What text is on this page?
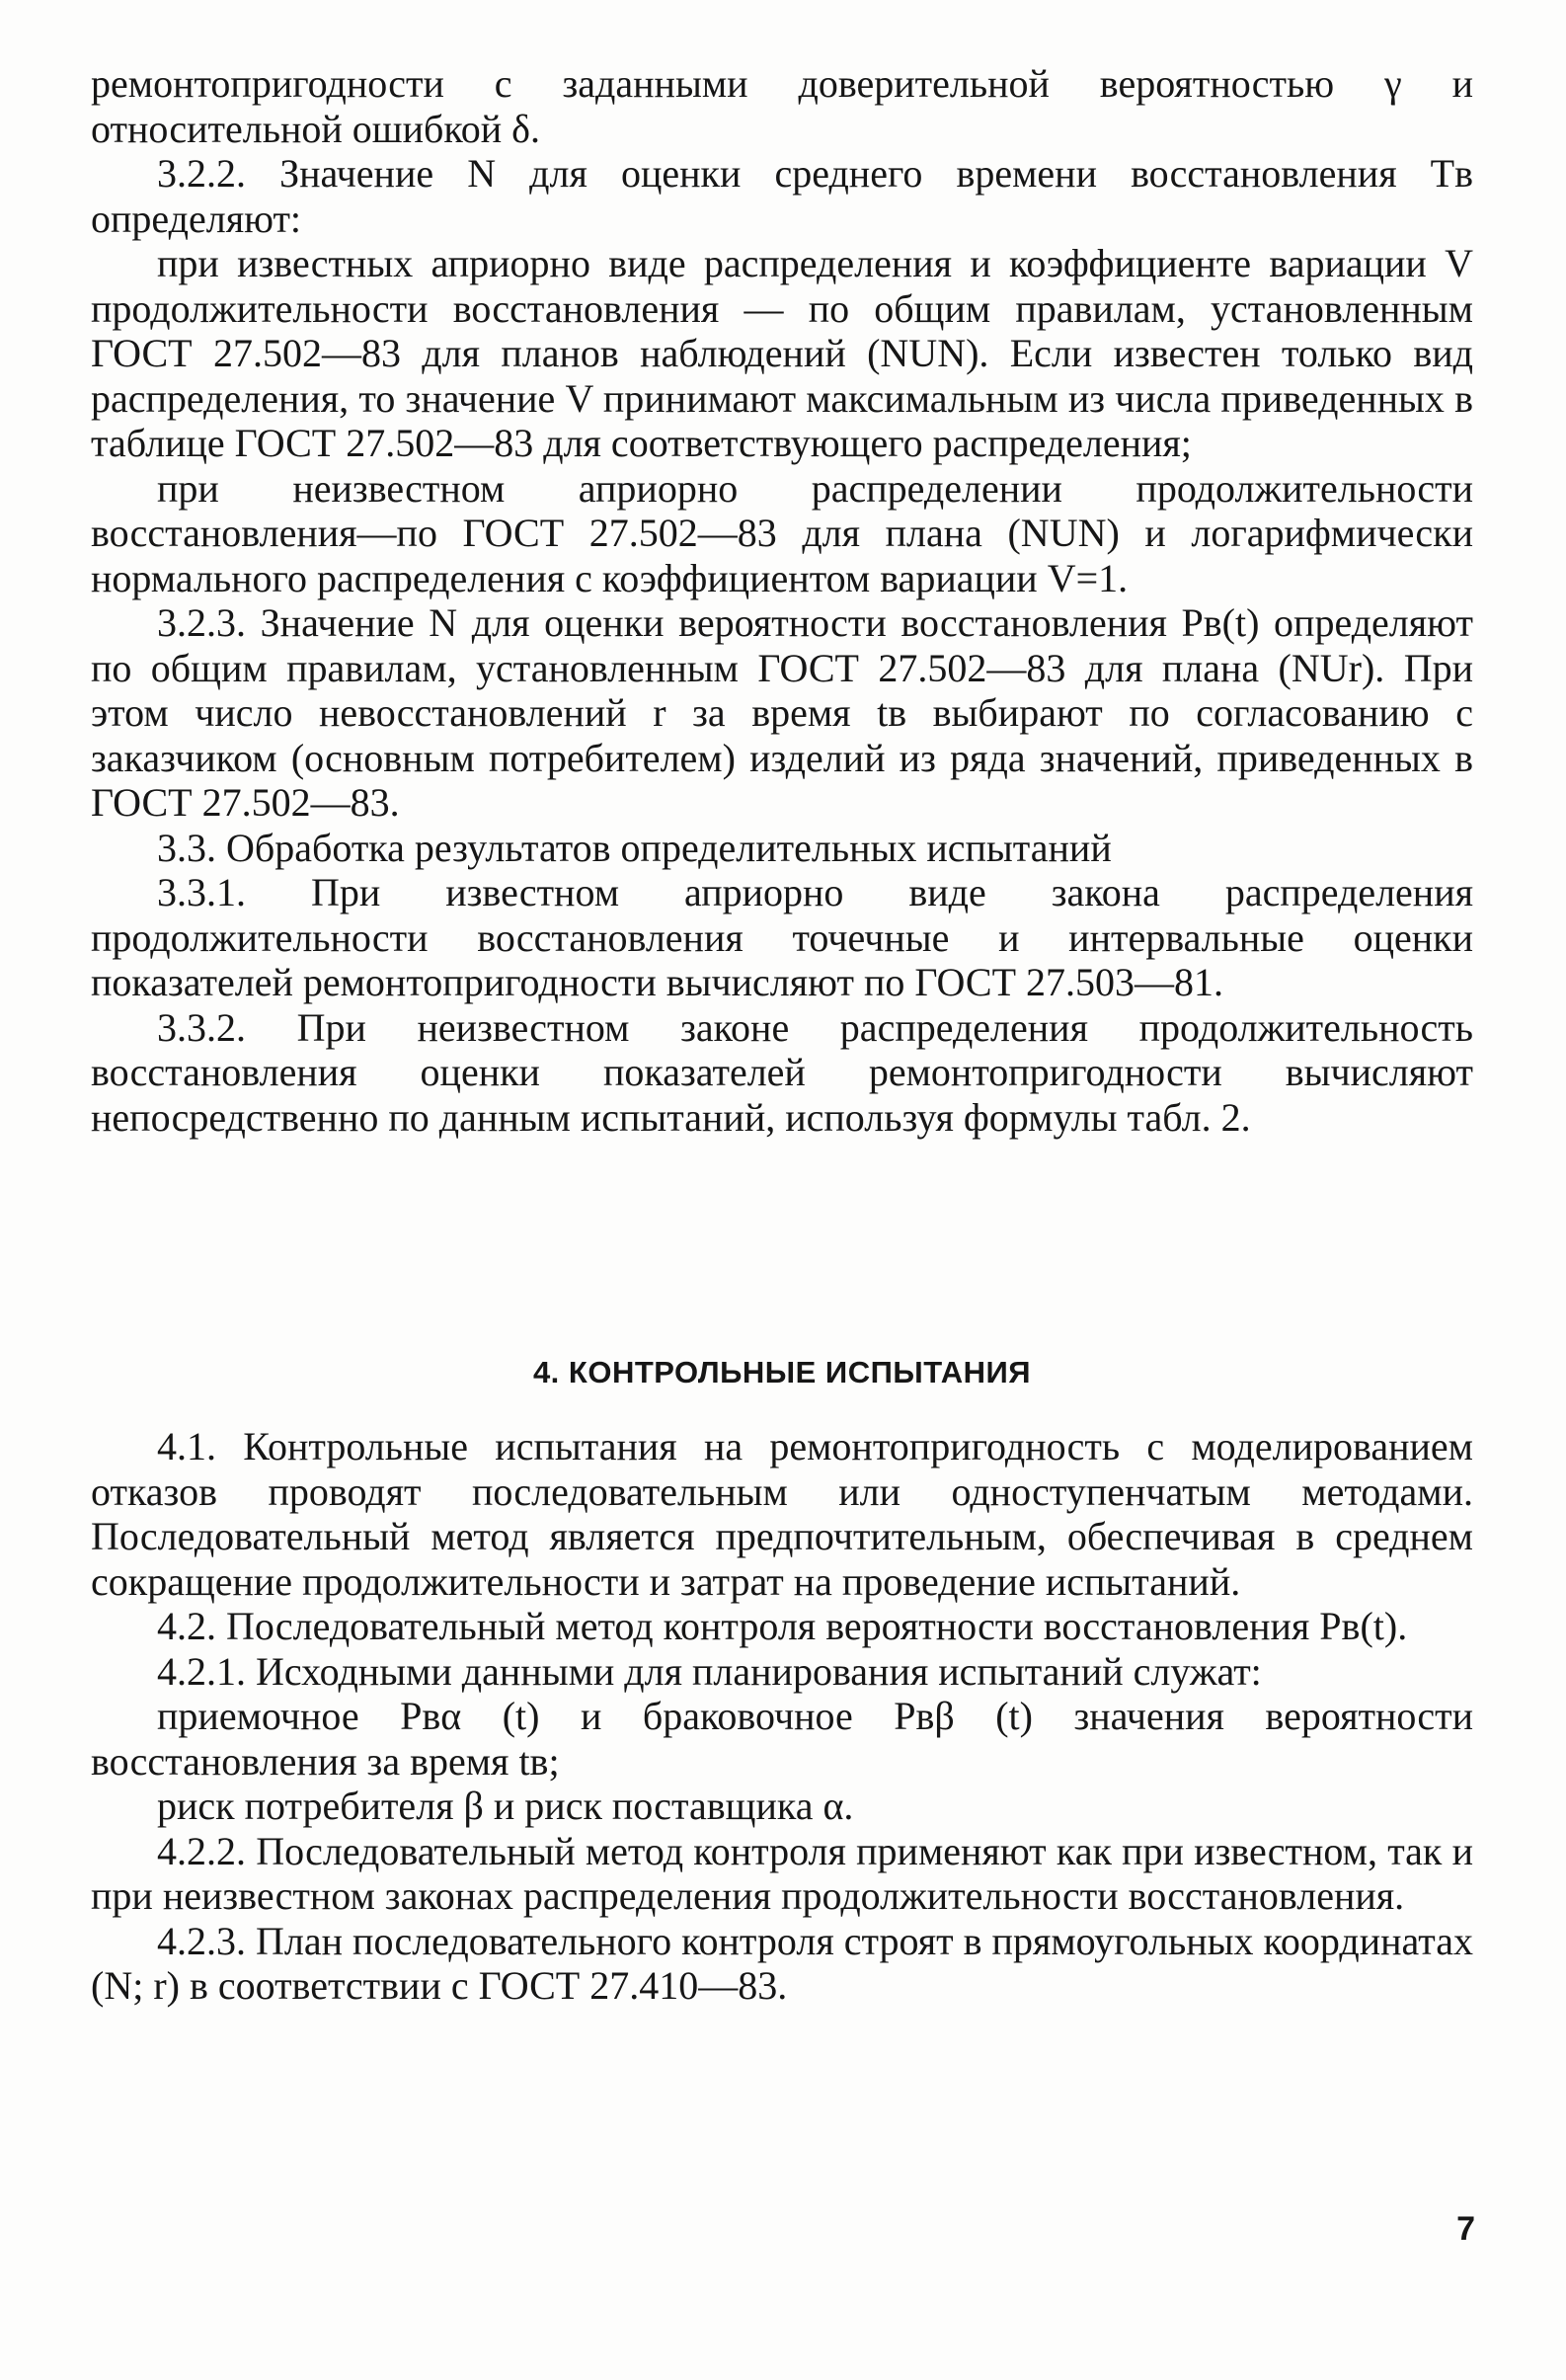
ремонтопригодности с заданными доверительной вероятностью γ и относительной ошибкой δ.

3.2.2. Значение N для оценки среднего времени восстановления Tв определяют:

при известных априорно виде распределения и коэффициенте вариации V продолжительности восстановления — по общим правилам, установленным ГОСТ 27.502—83 для планов наблюдений (NUN). Если известен только вид распределения, то значение V принимают максимальным из числа приведенных в таблице ГОСТ 27.502—83 для соответствующего распределения;

при неизвестном априорно распределении продолжительности восстановления—по ГОСТ 27.502—83 для плана (NUN) и логарифмически нормального распределения с коэффициентом вариации V=1.

3.2.3. Значение N для оценки вероятности восстановления Pв(t) определяют по общим правилам, установленным ГОСТ 27.502—83 для плана (NUr). При этом число невосстановлений r за время tв выбирают по согласованию с заказчиком (основным потребителем) изделий из ряда значений, приведенных в ГОСТ 27.502—83.

3.3. Обработка результатов определительных испытаний

3.3.1. При известном априорно виде закона распределения продолжительности восстановления точечные и интервальные оценки показателей ремонтопригодности вычисляют по ГОСТ 27.503—81.

3.3.2. При неизвестном законе распределения продолжительность восстановления оценки показателей ремонтопригодности вычисляют непосредственно по данным испытаний, используя формулы табл. 2.

4. КОНТРОЛЬНЫЕ ИСПЫТАНИЯ

4.1. Контрольные испытания на ремонтопригодность с моделированием отказов проводят последовательным или одноступенчатым методами. Последовательный метод является предпочтительным, обеспечивая в среднем сокращение продолжительности и затрат на проведение испытаний.

4.2. Последовательный метод контроля вероятности восстановления Pв(t).

4.2.1. Исходными данными для планирования испытаний служат:

приемочное Pвα (t) и браковочное Pвβ (t) значения вероятности восстановления за время tв;

риск потребителя β и риск поставщика α.

4.2.2. Последовательный метод контроля применяют как при известном, так и при неизвестном законах распределения продолжительности восстановления.

4.2.3. План последовательного контроля строят в прямоугольных координатах (N; r) в соответствии с ГОСТ 27.410—83.

7
